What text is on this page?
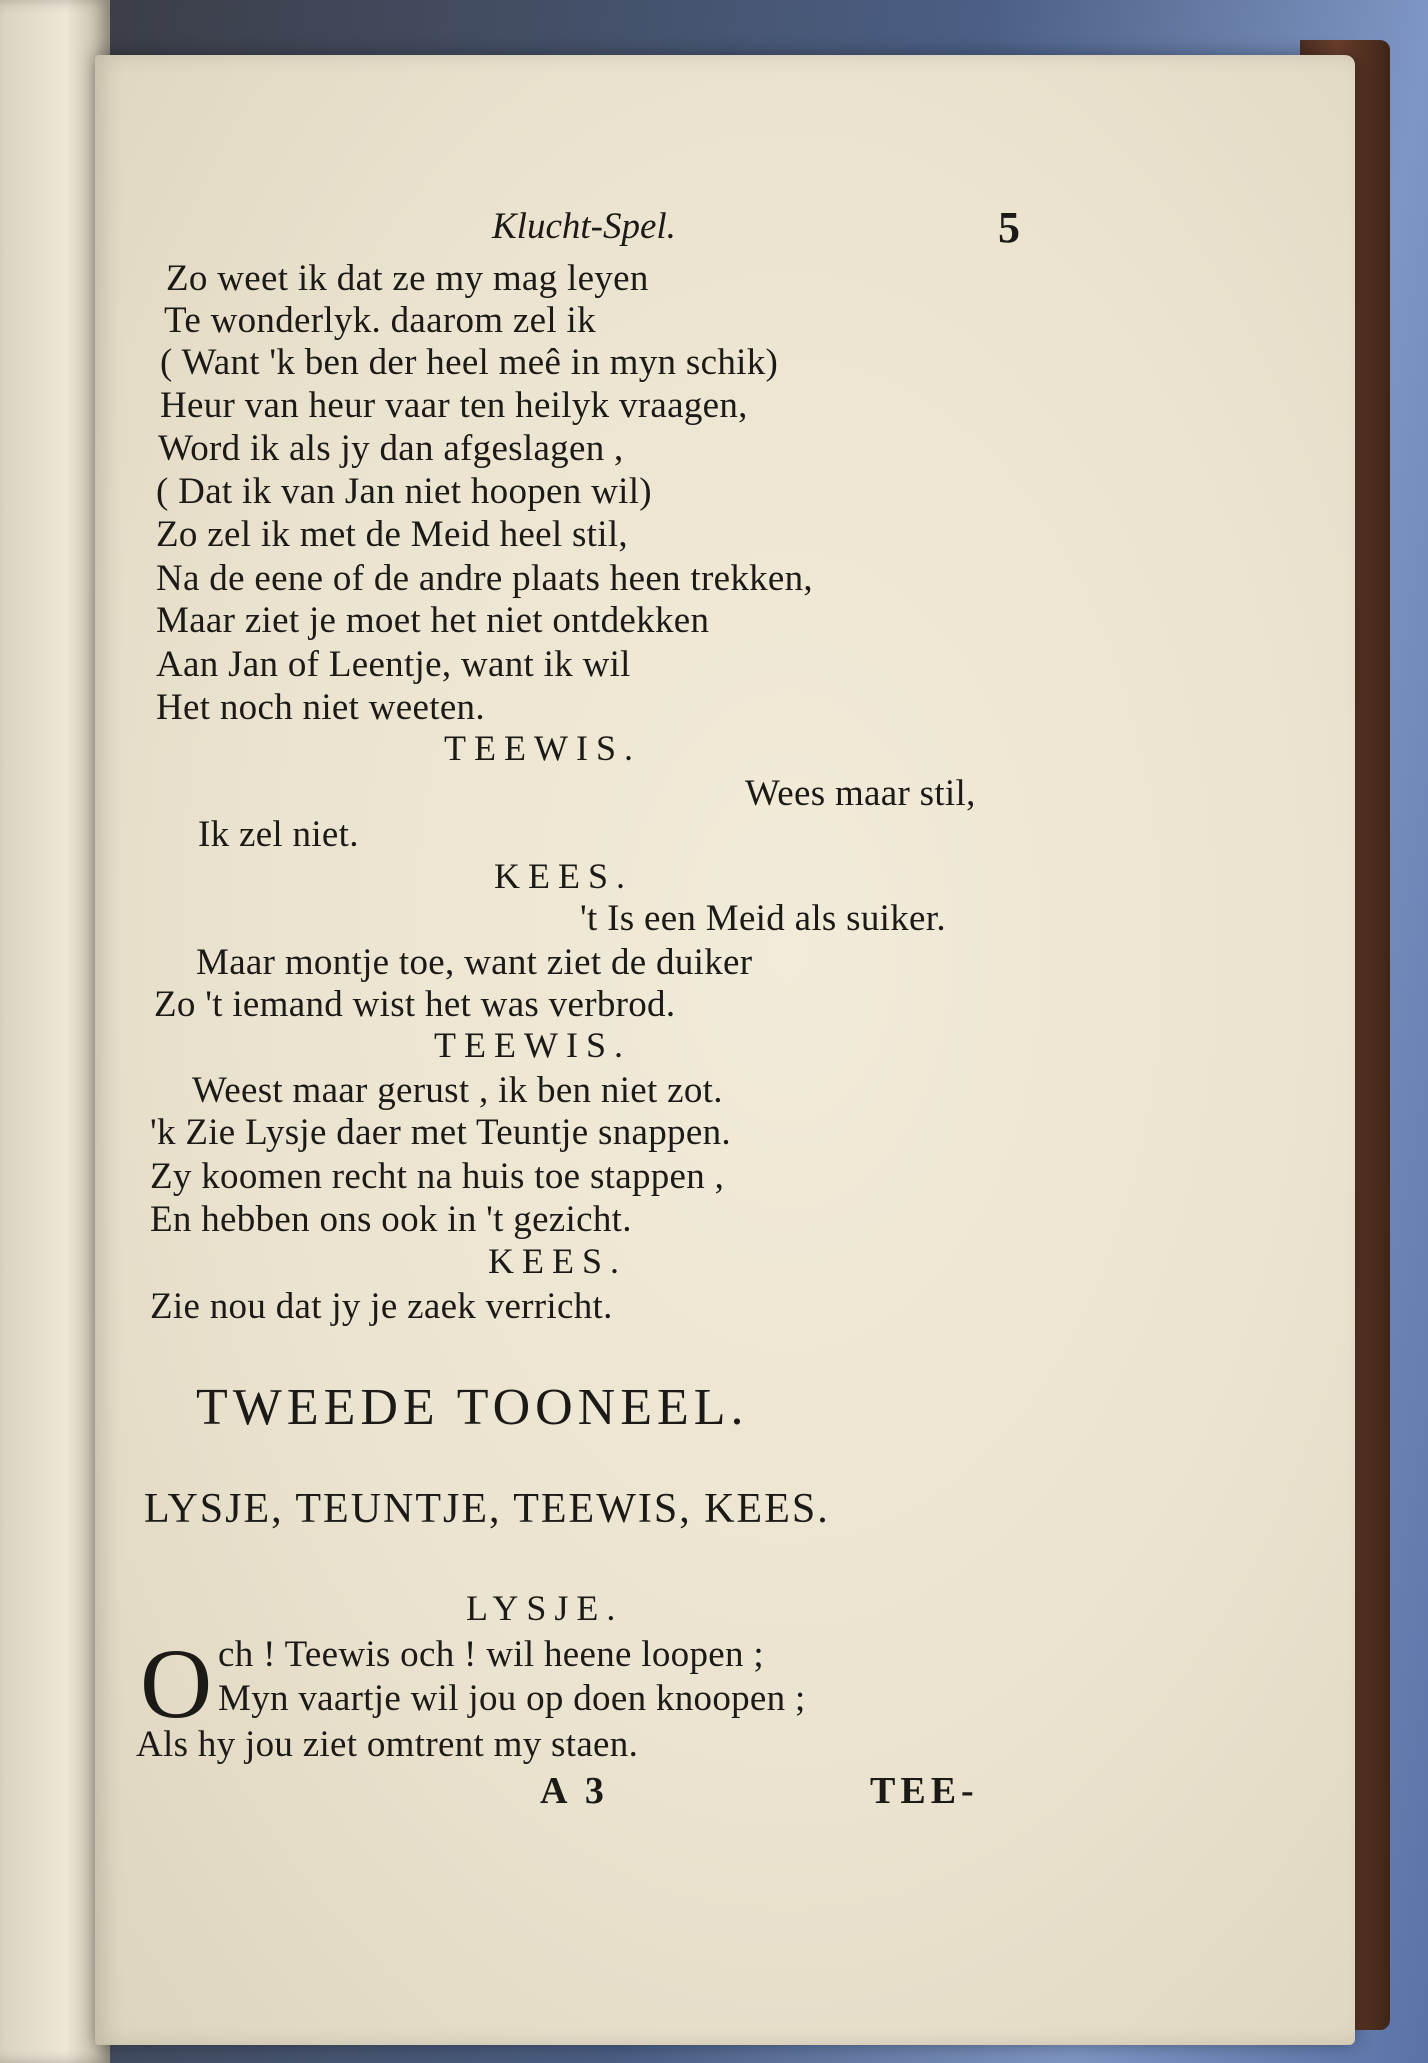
Klucht-Spel.	5
Zo weet ik dat ze my mag leyen
Te wonderlyk. daarom zel ik
( Want 'k ben der heel meê in myn schik)
Heur van heur vaar ten heilyk vraagen,
Word ik als jy dan afgeslagen ,
( Dat ik van Jan niet hoopen wil)
Zo zel ik met de Meid heel stil,
Na de eene of de andre plaats heen trekken,
Maar ziet je moet het niet ontdekken
Aan Jan of Leentje, want ik wil
Het noch niet weeten.
TEEWIS.
Wees maar stil,
Ik zel niet.
KEES.
't Is een Meid als suiker.
Maar montje toe, want ziet de duiker
Zo 't iemand wist het was verbrod.
TEEWIS.
Weest maar gerust , ik ben niet zot.
'k Zie Lysje daer met Teuntje snappen.
Zy koomen recht na huis toe stappen ,
En hebben ons ook in 't gezicht.
KEES.
Zie nou dat jy je zaek verricht.
TWEEDE TOONEEL.
LYSJE, TEUNTJE, TEEWIS, KEES.
LYSJE.
O ch ! Teewis och ! wil heene loopen ;
Myn vaartje wil jou op doen knoopen ;
Als hy jou ziet omtrent my staen.
A 3	TEE-
